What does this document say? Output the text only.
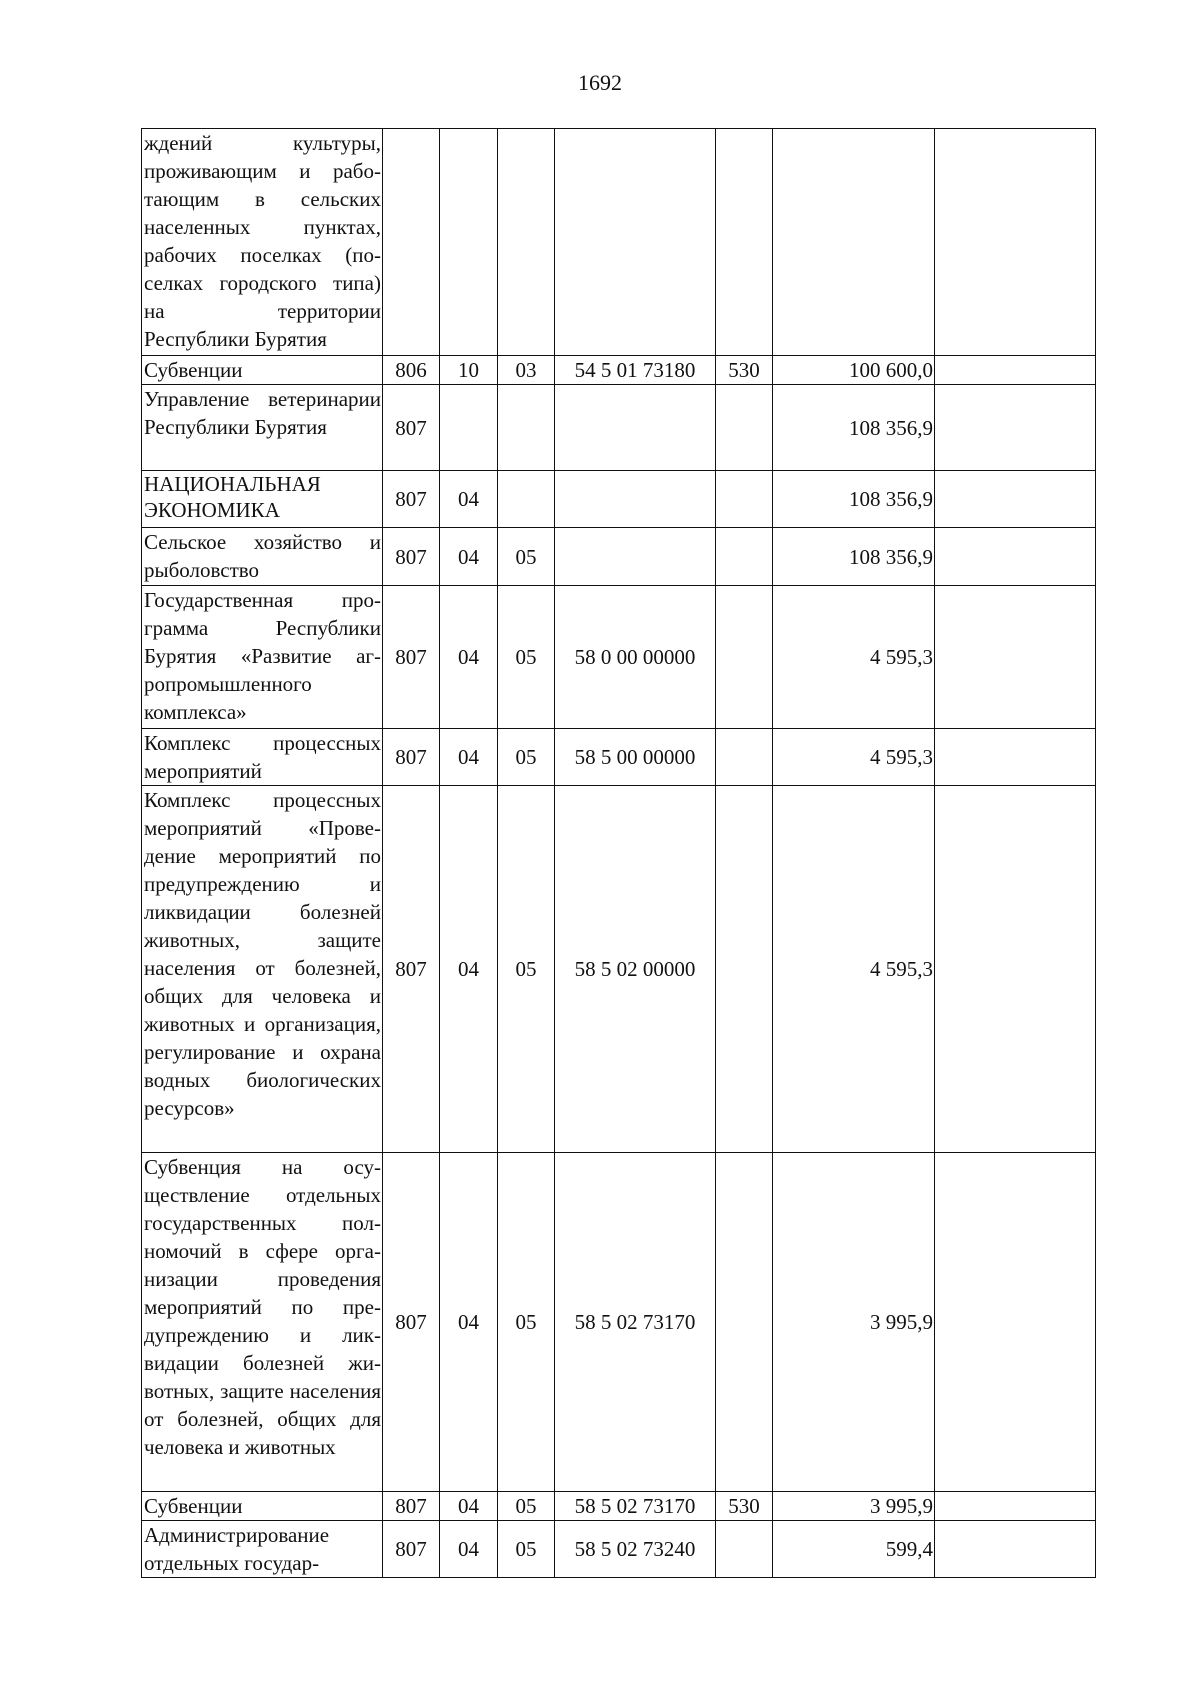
1692
ждений культуры, проживающим и работающим в сельских населенных пунктах, рабочих поселках (поселках городского типа) на территории Республики Бурятия							
Субвенции	806	10	03	54 5 01 73180	530	100 600,0	
Управление ветеринарии Республики Бурятия	807					108 356,9	
НАЦИОНАЛЬНАЯ ЭКОНОМИКА	807	04				108 356,9	
Сельское хозяйство и рыболовство	807	04	05			108 356,9	
Государственная программа Республики Бурятия «Развитие агропромышленного комплекса»	807	04	05	58 0 00 00000		4 595,3	
Комплекс процессных мероприятий	807	04	05	58 5 00 00000		4 595,3	
Комплекс процессных мероприятий «Проведение мероприятий по предупреждению и ликвидации болезней животных, защите населения от болезней, общих для человека и животных и организация, регулирование и охрана водных биологических ресурсов»	807	04	05	58 5 02 00000		4 595,3	
Субвенция на осуществление отдельных государственных полномочий в сфере организации проведения мероприятий по предупреждению и ликвидации болезней животных, защите населения от болезней, общих для человека и животных	807	04	05	58 5 02 73170		3 995,9	
Субвенции	807	04	05	58 5 02 73170	530	3 995,9	
Администрирование отдельных государ-	807	04	05	58 5 02 73240		599,4	
